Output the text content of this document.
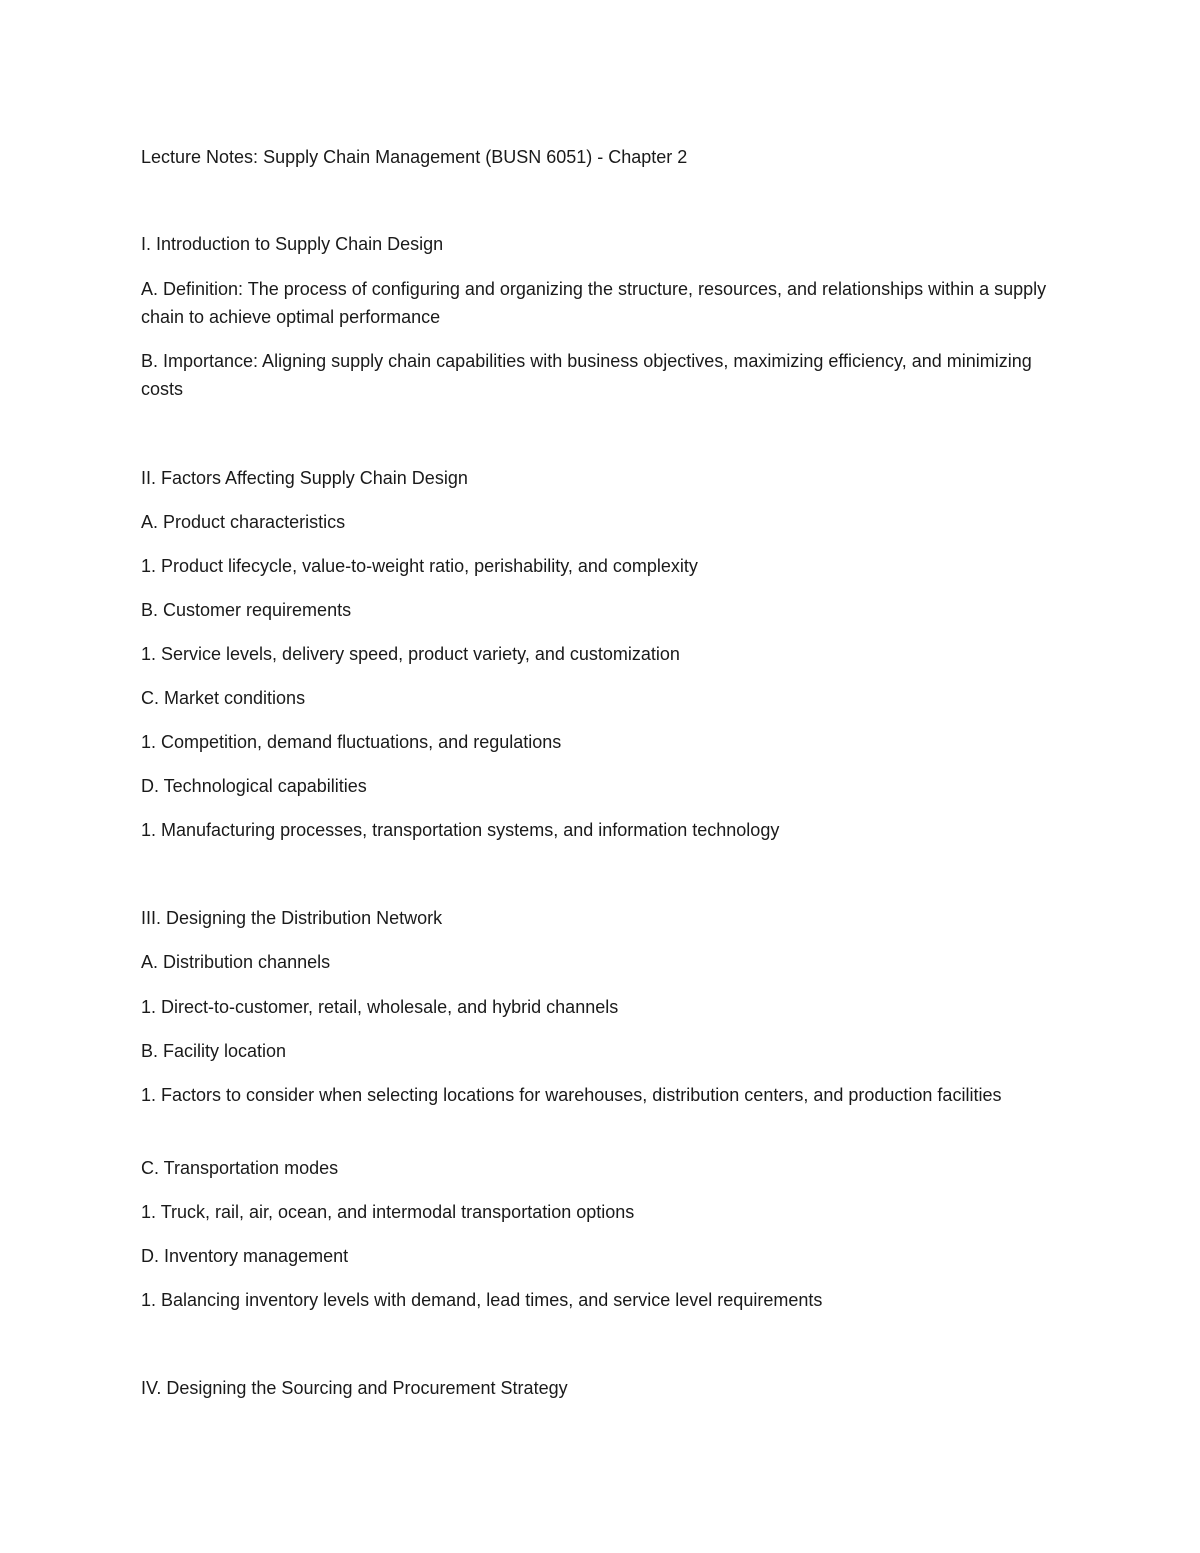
Lecture Notes: Supply Chain Management (BUSN 6051) - Chapter 2

I. Introduction to Supply Chain Design

A. Definition: The process of configuring and organizing the structure, resources, and relationships within a supply chain to achieve optimal performance

B. Importance: Aligning supply chain capabilities with business objectives, maximizing efficiency, and minimizing costs

II. Factors Affecting Supply Chain Design

A. Product characteristics

1. Product lifecycle, value-to-weight ratio, perishability, and complexity

B. Customer requirements

1. Service levels, delivery speed, product variety, and customization

C. Market conditions

1. Competition, demand fluctuations, and regulations

D. Technological capabilities

1. Manufacturing processes, transportation systems, and information technology

III. Designing the Distribution Network

A. Distribution channels

1. Direct-to-customer, retail, wholesale, and hybrid channels

B. Facility location

1. Factors to consider when selecting locations for warehouses, distribution centers, and production facilities

C. Transportation modes

1. Truck, rail, air, ocean, and intermodal transportation options

D. Inventory management

1. Balancing inventory levels with demand, lead times, and service level requirements

IV. Designing the Sourcing and Procurement Strategy
